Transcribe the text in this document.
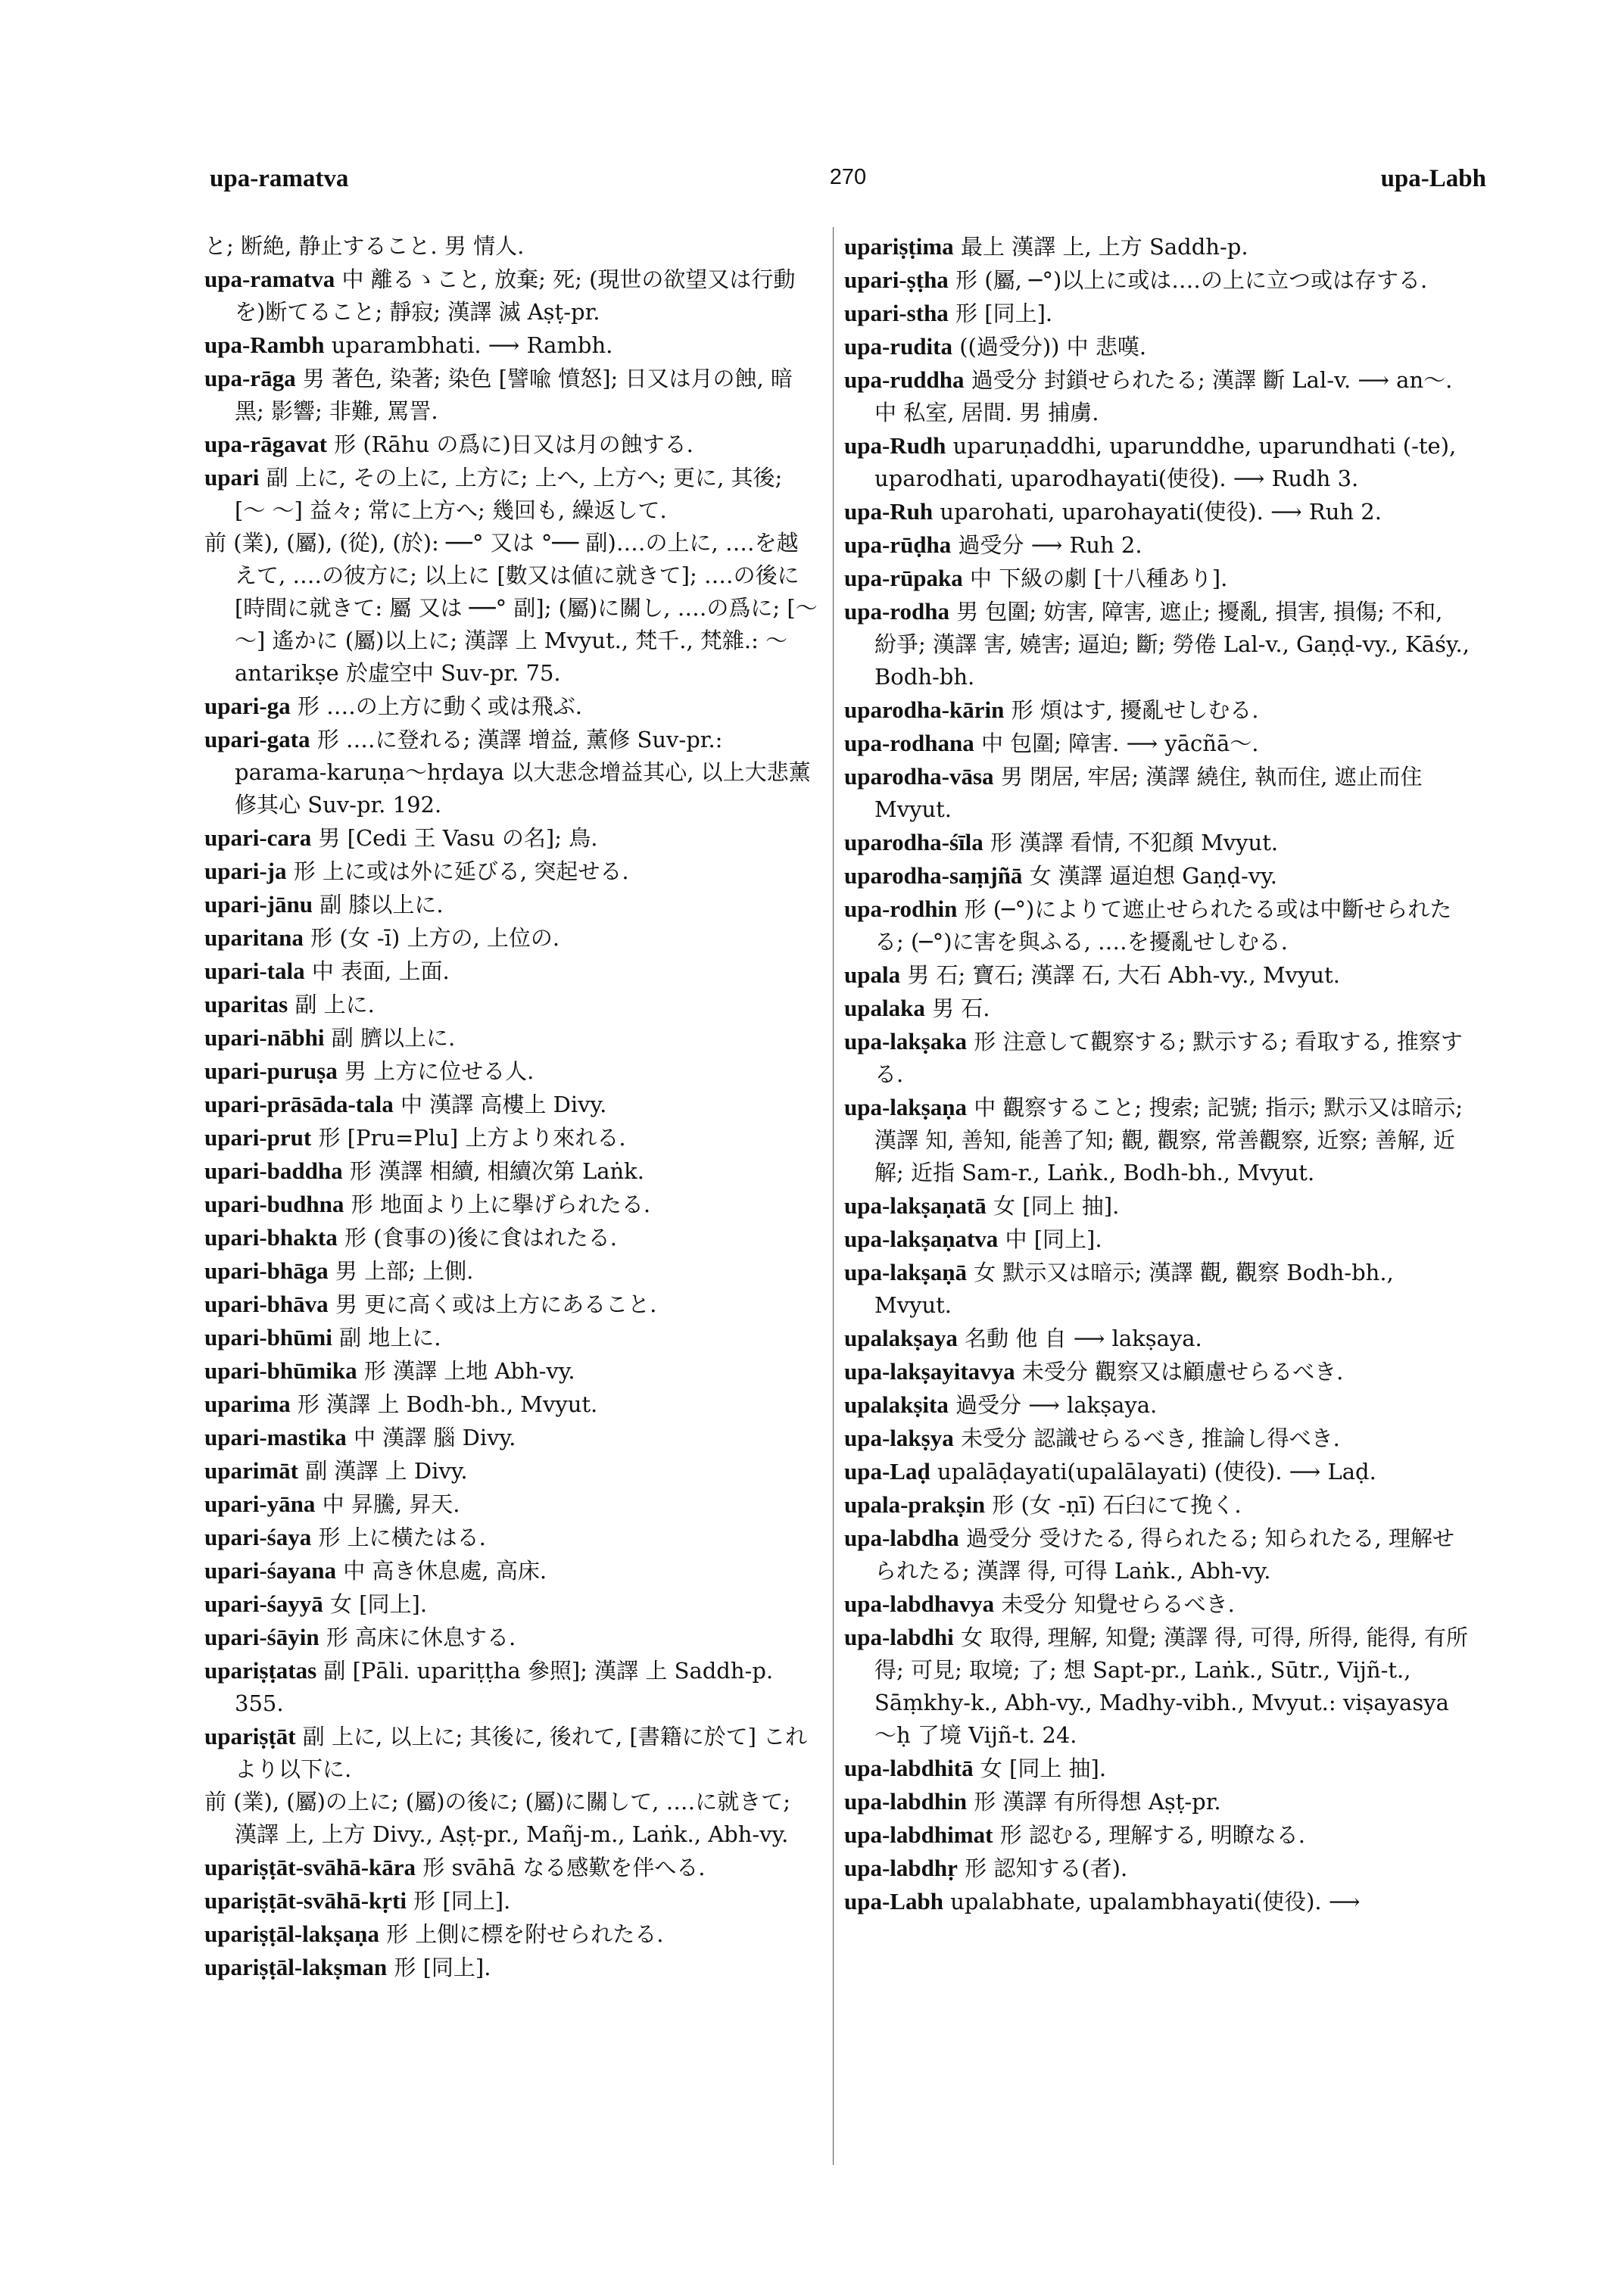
upa-ramatva	270	upa-Labh

と; 断絶, 静止すること. 男 情人.

upa-ramatva 中 離るゝこと, 放棄; 死; (現世の欲望又は行動を)断てること; 靜寂; 漢譯 滅 Aṣṭ-pr.

upa-Rambh uparambhati. ⟶ Rambh.

upa-rāga 男 著色, 染著; 染色 [譬喩 憤怒]; 日又は月の蝕, 暗黑; 影響; 非難, 罵詈.

upa-rāgavat 形 (Rāhu の爲に)日又は月の蝕する.

upari 副 上に, その上に, 上方に; 上へ, 上方へ; 更に, 其後; [〜 〜] 益々; 常に上方へ; 幾回も, 繰返して.

前 (業), (屬), (從), (於): ──° 又は °── 副)‥‥の上に, ‥‥を越えて, ‥‥の彼方に; 以上に [數又は値に就きて]; ‥‥の後に [時間に就きて: 屬 又は ──° 副]; (屬)に關し, ‥‥の爲に; [〜 〜] 遙かに (屬)以上に; 漢譯 上 Mvyut., 梵千., 梵雜.: 〜 antarikṣe 於虛空中 Suv-pr. 75.

upari-ga 形 ‥‥の上方に動く或は飛ぶ.

upari-gata 形 ‥‥に登れる; 漢譯 增益, 薰修 Suv-pr.: parama-karuṇa〜hṛdaya 以大悲念增益其心, 以上大悲薰修其心 Suv-pr. 192.

upari-cara 男 [Cedi 王 Vasu の名]; 鳥.

upari-ja 形 上に或は外に延びる, 突起せる.

upari-jānu 副 膝以上に.

uparitana 形 (女 -ī) 上方の, 上位の.

upari-tala 中 表面, 上面.

uparitas 副 上に.

upari-nābhi 副 臍以上に.

upari-puruṣa 男 上方に位せる人.

upari-prāsāda-tala 中 漢譯 高樓上 Divy.

upari-prut 形 [Pru=Plu] 上方より來れる.

upari-baddha 形 漢譯 相續, 相續次第 Laṅk.

upari-budhna 形 地面より上に擧げられたる.

upari-bhakta 形 (食事の)後に食はれたる.

upari-bhāga 男 上部; 上側.

upari-bhāva 男 更に高く或は上方にあること.

upari-bhūmi 副 地上に.

upari-bhūmika 形 漢譯 上地 Abh-vy.

uparima 形 漢譯 上 Bodh-bh., Mvyut.

upari-mastika 中 漢譯 腦 Divy.

uparimāt 副 漢譯 上 Divy.

upari-yāna 中 昇騰, 昇天.

upari-śaya 形 上に橫たはる.

upari-śayana 中 高き休息處, 高床.

upari-śayyā 女 [同上].

upari-śāyin 形 高床に休息する.

upariṣṭatas 副 [Pāli. upariṭṭha 參照]; 漢譯 上 Saddh-p. 355.

upariṣṭāt 副 上に, 以上に; 其後に, 後れて, [書籍に於て] これより以下に.

前 (業), (屬)の上に; (屬)の後に; (屬)に關して, ‥‥に就きて; 漢譯 上, 上方 Divy., Aṣṭ-pr., Mañj-m., Laṅk., Abh-vy.

upariṣṭāt-svāhā-kāra 形 svāhā なる感歎を伴へる.

upariṣṭāt-svāhā-kṛti 形 [同上].

upariṣṭāl-lakṣaṇa 形 上側に標を附せられたる.

upariṣṭāl-lakṣman 形 [同上].

upariṣṭima 最上 漢譯 上, 上方 Saddh-p.

upari-ṣṭha 形 (屬, ─°)以上に或は‥‥の上に立つ或は存する.

upari-stha 形 [同上].

upa-rudita ((過受分)) 中 悲嘆.

upa-ruddha 過受分 封鎖せられたる; 漢譯 斷 Lal-v. ⟶ an〜. 中 私室, 居間. 男 捕虜.

upa-Rudh uparuṇaddhi, uparunddhe, uparundhati (-te), uparodhati, uparodhayati(使役). ⟶ Rudh 3.

upa-Ruh uparohati, uparohayati(使役). ⟶ Ruh 2.

upa-rūḍha 過受分 ⟶ Ruh 2.

upa-rūpaka 中 下級の劇 [十八種あり].

upa-rodha 男 包圍; 妨害, 障害, 遮止; 擾亂, 損害, 損傷; 不和, 紛爭; 漢譯 害, 嬈害; 逼迫; 斷; 勞倦 Lal-v., Gaṇḍ-vy., Kāśy., Bodh-bh.

uparodha-kārin 形 煩はす, 擾亂せしむる.

upa-rodhana 中 包圍; 障害. ⟶ yācñā〜.

uparodha-vāsa 男 閉居, 牢居; 漢譯 繞住, 執而住, 遮止而住 Mvyut.

uparodha-śīla 形 漢譯 看情, 不犯顏 Mvyut.

uparodha-saṃjñā 女 漢譯 逼迫想 Gaṇḍ-vy.

upa-rodhin 形 (─°)によりて遮止せられたる或は中斷せられたる; (─°)に害を與ふる, ‥‥を擾亂せしむる.

upala 男 石; 寶石; 漢譯 石, 大石 Abh-vy., Mvyut.

upalaka 男 石.

upa-lakṣaka 形 注意して觀察する; 默示する; 看取する, 推察する.

upa-lakṣaṇa 中 觀察すること; 搜索; 記號; 指示; 默示又は暗示; 漢譯 知, 善知, 能善了知; 觀, 觀察, 常善觀察, 近察; 善解, 近解; 近指 Sam-r., Laṅk., Bodh-bh., Mvyut.

upa-lakṣaṇatā 女 [同上 抽].

upa-lakṣaṇatva 中 [同上].

upa-lakṣaṇā 女 默示又は暗示; 漢譯 觀, 觀察 Bodh-bh., Mvyut.

upalakṣaya 名動 他 自 ⟶ lakṣaya.

upa-lakṣayitavya 未受分 觀察又は顧慮せらるべき.

upalakṣita 過受分 ⟶ lakṣaya.

upa-lakṣya 未受分 認識せらるべき, 推論し得べき.

upa-Laḍ upalāḍayati(upalālayati) (使役). ⟶ Laḍ.

upala-prakṣin 形 (女 -ṇī) 石臼にて挽く.

upa-labdha 過受分 受けたる, 得られたる; 知られたる, 理解せられたる; 漢譯 得, 可得 Laṅk., Abh-vy.

upa-labdhavya 未受分 知覺せらるべき.

upa-labdhi 女 取得, 理解, 知覺; 漢譯 得, 可得, 所得, 能得, 有所得; 可見; 取境; 了; 想 Sapt-pr., Laṅk., Sūtr., Vijñ-t., Sāṃkhy-k., Abh-vy., Madhy-vibh., Mvyut.: viṣayasya 〜ḥ 了境 Vijñ-t. 24.

upa-labdhitā 女 [同上 抽].

upa-labdhin 形 漢譯 有所得想 Aṣṭ-pr.

upa-labdhimat 形 認むる, 理解する, 明瞭なる.

upa-labdhṛ 形 認知する(者).

upa-Labh upalabhate, upalambhayati(使役). ⟶
